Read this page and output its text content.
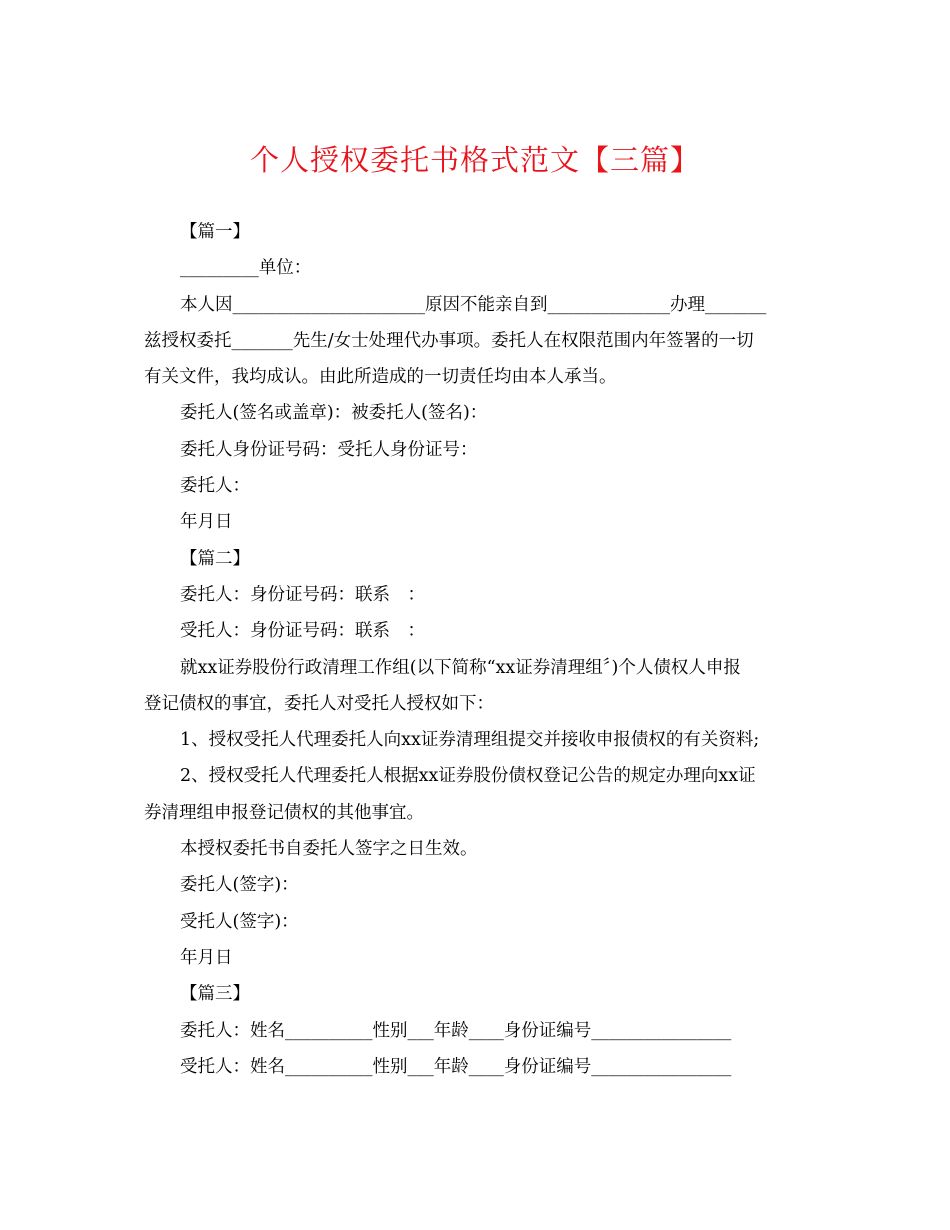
个人授权委托书格式范文【三篇】
【篇一】
_________单位：
本人因______________________原因不能亲自到______________办理_______
兹授权委托_______先生/女士处理代办事项。委托人在权限范围内年签署的一切
有关文件，我均成认。由此所造成的一切责任均由本人承当。
委托人(签名或盖章)：被委托人(签名)：
委托人身份证号码：受托人身份证号：
委托人：
年月日
【篇二】
委托人：身份证号码：联系　：
受托人：身份证号码：联系　：
就xx证券股份行政清理工作组(以下简称“xx证券清理组〞)个人债权人申报
登记债权的事宜，委托人对受托人授权如下：
1、授权受托人代理委托人向xx证券清理组提交并接收申报债权的有关资料;
2、授权受托人代理委托人根据xx证券股份债权登记公告的规定办理向xx证
券清理组申报登记债权的其他事宜。
本授权委托书自委托人签字之日生效。
委托人(签字)：
受托人(签字)：
年月日
【篇三】
委托人：姓名__________性别___年龄____身份证编号________________
受托人：姓名__________性别___年龄____身份证编号________________
